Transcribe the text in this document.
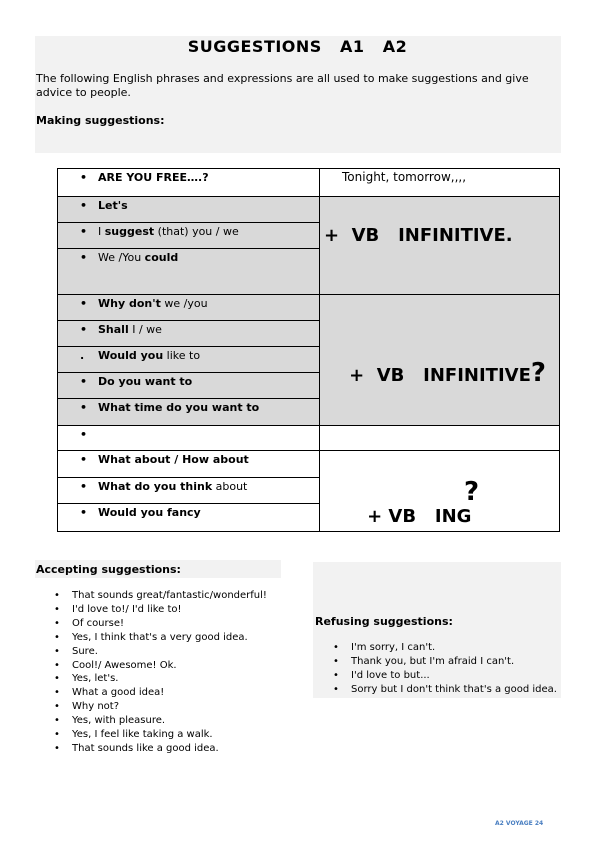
SUGGESTIONS   A1   A2
The following English phrases and expressions are all used to make suggestions and give advice to people.
Making suggestions:
• ARE YOU FREE….?
• Let's
• I suggest (that) you / we
• We /You could
• Why don't we /you
• Shall I / we
. Would you like to
• Do you want to
• What time do you want to
•
• What about / How about
• What do you think about
• Would you fancy
Tonight, tomorrow,,,,
+  VB   INFINITIVE.

+  VB   INFINITIVE?

+ VB   ING

?
Accepting suggestions:
• That sounds great/fantastic/wonderful!
• I'd love to!/ I'd like to!
• Of course!
• Yes, I think that's a very good idea.
• Sure.
• Cool!/ Awesome! Ok.
• Yes, let's.
• What a good idea!
• Why not?
• Yes, with pleasure.
• Yes, I feel like taking a walk.
• That sounds like a good idea.
Refusing suggestions:
• I'm sorry, I can't.
• Thank you, but I'm afraid I can't.
• I'd love to but...
• Sorry but I don't think that's a good idea.
A2 VOYAGE 24
